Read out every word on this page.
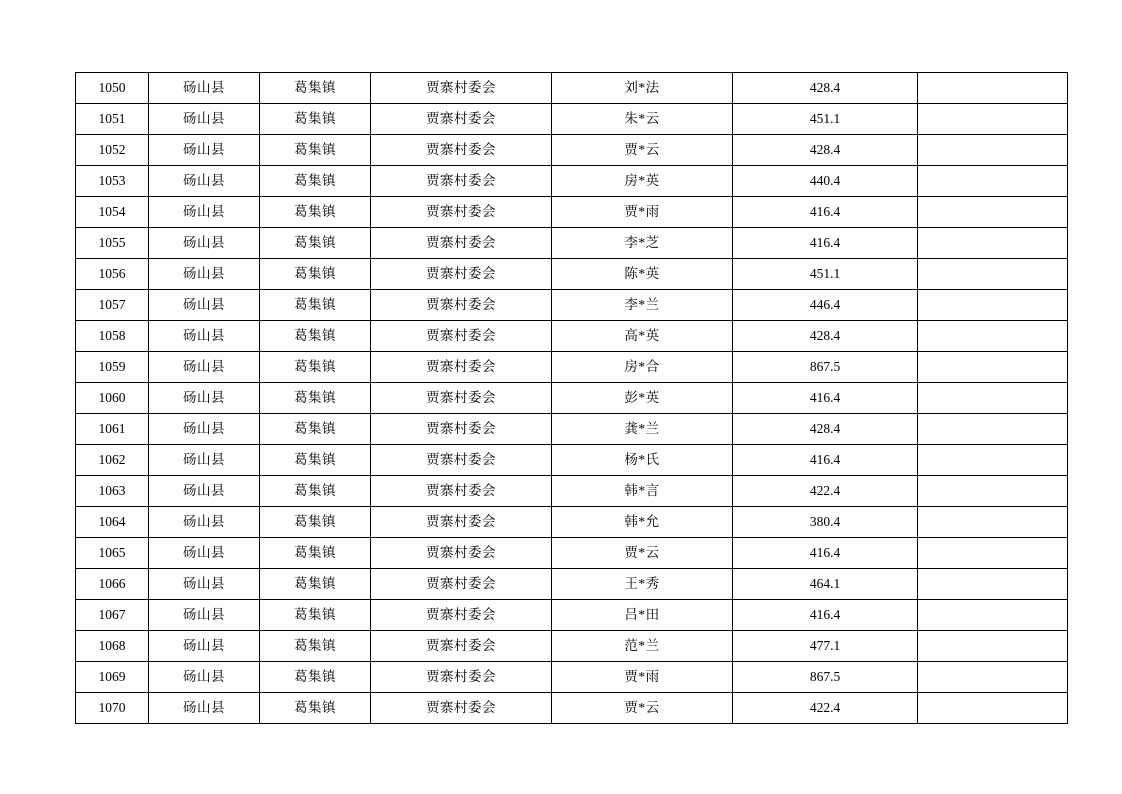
1050	砀山县	葛集镇	贾寨村委会	刘*法	428.4	
1051	砀山县	葛集镇	贾寨村委会	朱*云	451.1	
1052	砀山县	葛集镇	贾寨村委会	贾*云	428.4	
1053	砀山县	葛集镇	贾寨村委会	房*英	440.4	
1054	砀山县	葛集镇	贾寨村委会	贾*雨	416.4	
1055	砀山县	葛集镇	贾寨村委会	李*芝	416.4	
1056	砀山县	葛集镇	贾寨村委会	陈*英	451.1	
1057	砀山县	葛集镇	贾寨村委会	李*兰	446.4	
1058	砀山县	葛集镇	贾寨村委会	高*英	428.4	
1059	砀山县	葛集镇	贾寨村委会	房*合	867.5	
1060	砀山县	葛集镇	贾寨村委会	彭*英	416.4	
1061	砀山县	葛集镇	贾寨村委会	龚*兰	428.4	
1062	砀山县	葛集镇	贾寨村委会	杨*氏	416.4	
1063	砀山县	葛集镇	贾寨村委会	韩*言	422.4	
1064	砀山县	葛集镇	贾寨村委会	韩*允	380.4	
1065	砀山县	葛集镇	贾寨村委会	贾*云	416.4	
1066	砀山县	葛集镇	贾寨村委会	王*秀	464.1	
1067	砀山县	葛集镇	贾寨村委会	吕*田	416.4	
1068	砀山县	葛集镇	贾寨村委会	范*兰	477.1	
1069	砀山县	葛集镇	贾寨村委会	贾*雨	867.5	
1070	砀山县	葛集镇	贾寨村委会	贾*云	422.4	
